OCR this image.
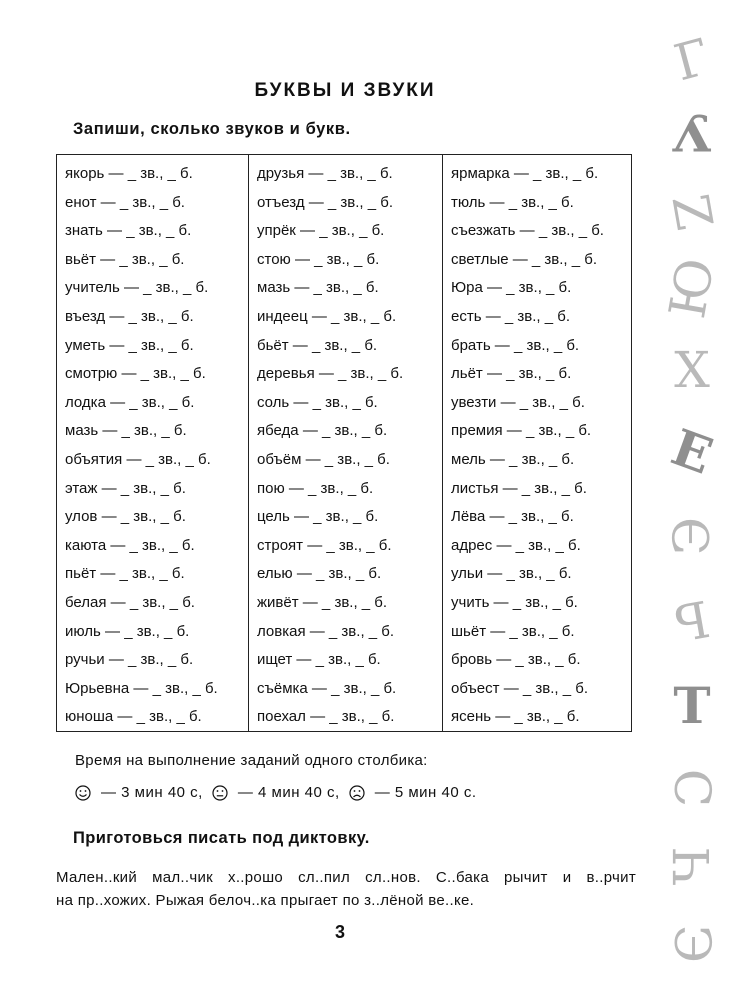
БУКВЫ И ЗВУКИ
Запиши, сколько звуков и букв.
якорь — _ зв., _ б.
енот — _ зв., _ б.
знать — _ зв., _ б.
вьёт — _ зв., _ б.
учитель — _ зв., _ б.
въезд — _ зв., _ б.
уметь — _ зв., _ б.
смотрю — _ зв., _ б.
лодка — _ зв., _ б.
мазь — _ зв., _ б.
объятия — _ зв., _ б.
этаж — _ зв., _ б.
улов — _ зв., _ б.
каюта — _ зв., _ б.
пьёт — _ зв., _ б.
белая — _ зв., _ б.
июль — _ зв., _ б.
ручьи — _ зв., _ б.
Юрьевна — _ зв., _ б.
юноша — _ зв., _ б.
друзья — _ зв., _ б.
отъезд — _ зв., _ б.
упрёк — _ зв., _ б.
стою — _ зв., _ б.
мазь — _ зв., _ б.
индеец — _ зв., _ б.
бьёт — _ зв., _ б.
деревья — _ зв., _ б.
соль — _ зв., _ б.
ябеда — _ зв., _ б.
объём — _ зв., _ б.
пою — _ зв., _ б.
цель — _ зв., _ б.
строят — _ зв., _ б.
елью — _ зв., _ б.
живёт — _ зв., _ б.
ловкая — _ зв., _ б.
ищет — _ зв., _ б.
съёмка — _ зв., _ б.
поехал — _ зв., _ б.
ярмарка — _ зв., _ б.
тюль — _ зв., _ б.
съезжать — _ зв., _ б.
светлые — _ зв., _ б.
Юра — _ зв., _ б.
есть — _ зв., _ б.
брать — _ зв., _ б.
льёт — _ зв., _ б.
увезти — _ зв., _ б.
премия — _ зв., _ б.
мель — _ зв., _ б.
листья — _ зв., _ б.
Лёва — _ зв., _ б.
адрес — _ зв., _ б.
ульи — _ зв., _ б.
учить — _ зв., _ б.
шьёт — _ зв., _ б.
бровь — _ зв., _ б.
объест — _ зв., _ б.
ясень — _ зв., _ б.
Время на выполнение заданий одного столбика:
— 3 мин 40 с, — 4 мин 40 с, — 5 мин 40 с.
Приготовься писать под диктовку.
Мален..кий мал..чик х..рошо сл..пил сл..нов. С..бака рычит и в..рчит
на пр..хожих. Рыжая белоч..ка прыгает по з..лёной ве..ке.
3
Г
У
Z
Ю
Х
Е
Э
Ь
Т
С
Ч
Э
